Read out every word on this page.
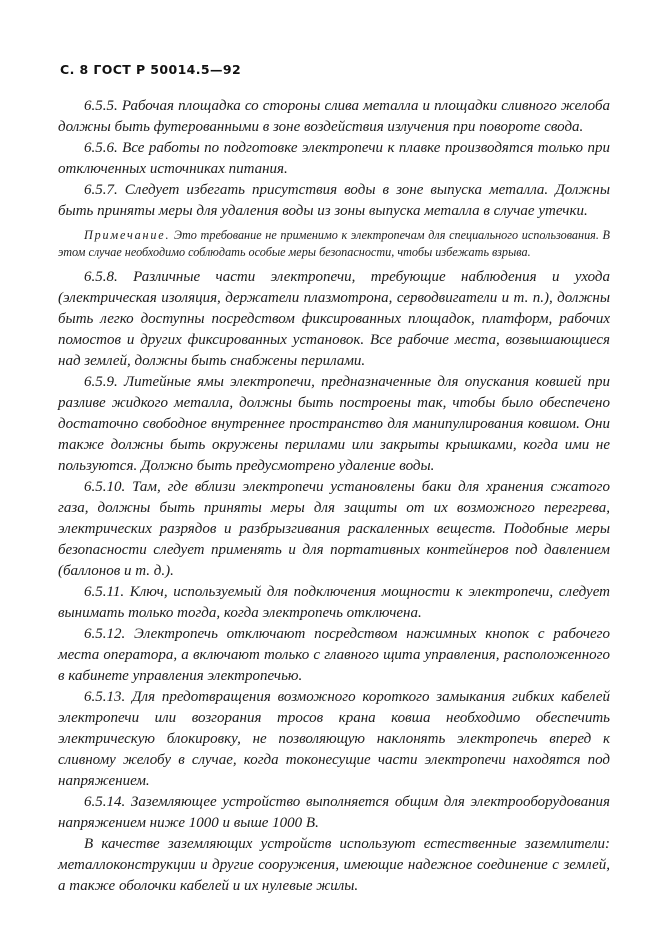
С. 8 ГОСТ Р 50014.5—92

6.5.5. Рабочая площадка со стороны слива металла и площадки сливного желоба должны быть футерованными в зоне воздействия излучения при повороте свода.

6.5.6. Все работы по подготовке электропечи к плавке производятся только при отключенных источниках питания.

6.5.7. Следует избегать присутствия воды в зоне выпуска металла. Должны быть приняты меры для удаления воды из зоны выпуска металла в случае утечки.

Примечание. Это требование не применимо к электропечам для специального использования. В этом случае необходимо соблюдать особые меры безопасности, чтобы избежать взрыва.

6.5.8. Различные части электропечи, требующие наблюдения и ухода (электрическая изоляция, держатели плазмотрона, серводвигатели и т. п.), должны быть легко доступны посредством фиксированных площадок, платформ, рабочих помостов и других фиксированных установок. Все рабочие места, возвышающиеся над землей, должны быть снабжены перилами.

6.5.9. Литейные ямы электропечи, предназначенные для опускания ковшей при разливе жидкого металла, должны быть построены так, чтобы было обеспечено достаточно свободное внутреннее пространство для манипулирования ковшом. Они также должны быть окружены перилами или закрыты крышками, когда ими не пользуются. Должно быть предусмотрено удаление воды.

6.5.10. Там, где вблизи электропечи установлены баки для хранения сжатого газа, должны быть приняты меры для защиты от их возможного перегрева, электрических разрядов и разбрызгивания раскаленных веществ. Подобные меры безопасности следует применять и для портативных контейнеров под давлением (баллонов и т. д.).

6.5.11. Ключ, используемый для подключения мощности к электропечи, следует вынимать только тогда, когда электропечь отключена.

6.5.12. Электропечь отключают посредством нажимных кнопок с рабочего места оператора, а включают только с главного щита управления, расположенного в кабинете управления электропечью.

6.5.13. Для предотвращения возможного короткого замыкания гибких кабелей электропечи или возгорания тросов крана ковша необходимо обеспечить электрическую блокировку, не позволяющую наклонять электропечь вперед к сливному желобу в случае, когда токонесущие части электропечи находятся под напряжением.

6.5.14. Заземляющее устройство выполняется общим для электрооборудования напряжением ниже 1000 и выше 1000 В.

В качестве заземляющих устройств используют естественные заземлители: металлоконструкции и другие сооружения, имеющие надежное соединение с землей, а также оболочки кабелей и их нулевые жилы.
